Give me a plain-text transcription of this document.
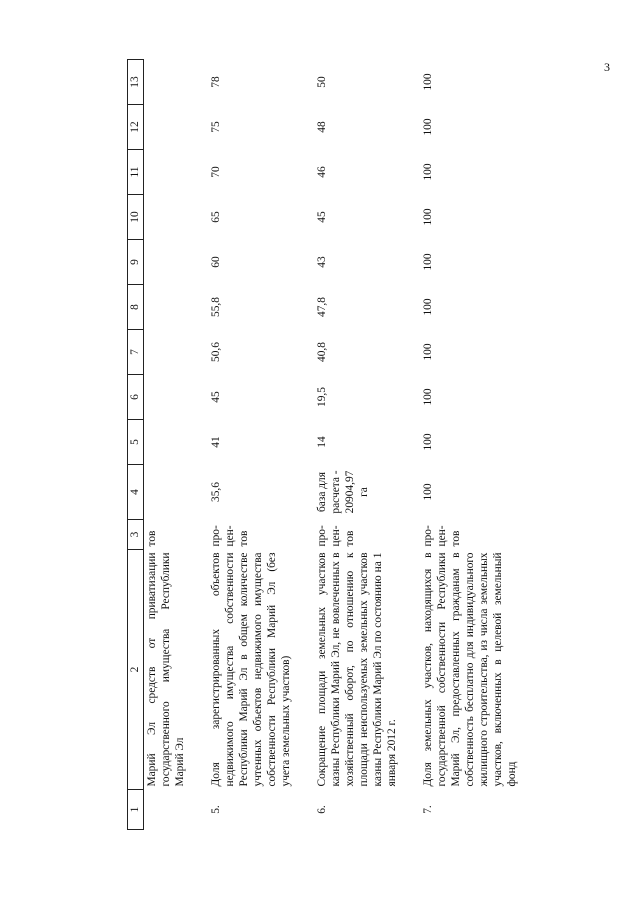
3
1	2	3	4	5	6	7	8	9	10	11	12	13
	Марий Эл средств от приватизации государственного имущества Республики Марий Эл	тов										

5.	Доля зарегистрированных объектов недвижимого имущества собственности Республики Марий Эл в общем количестве учтенных объектов недвижимого имущества собственности Республики Марий Эл (без учета земельных участков)	про-цен-тов	35,6	41	45	50,6	55,8	60	65	70	75	78

6.	Сокращение площади земельных участков казны Республики Марий Эл, не вовлеченных в хозяйственный оборот, по отношению к площади неиспользуемых земельных участков казны Республики Марий Эл по состоянию на 1 января 2012 г.	про-цен-тов	база для расчета - 20904,97 га	14	19,5	40,8	47,8	43	45	46	48	50

7.	Доля земельных участков, находящихся в государственной собственности Республики Марий Эл, предоставленных гражданам в собственность бесплатно для индивидуального жилищного строительства, из числа земельных участков, включенных в целевой земельный фонд	про-цен-тов	100	100	100	100	100	100	100	100	100	100
